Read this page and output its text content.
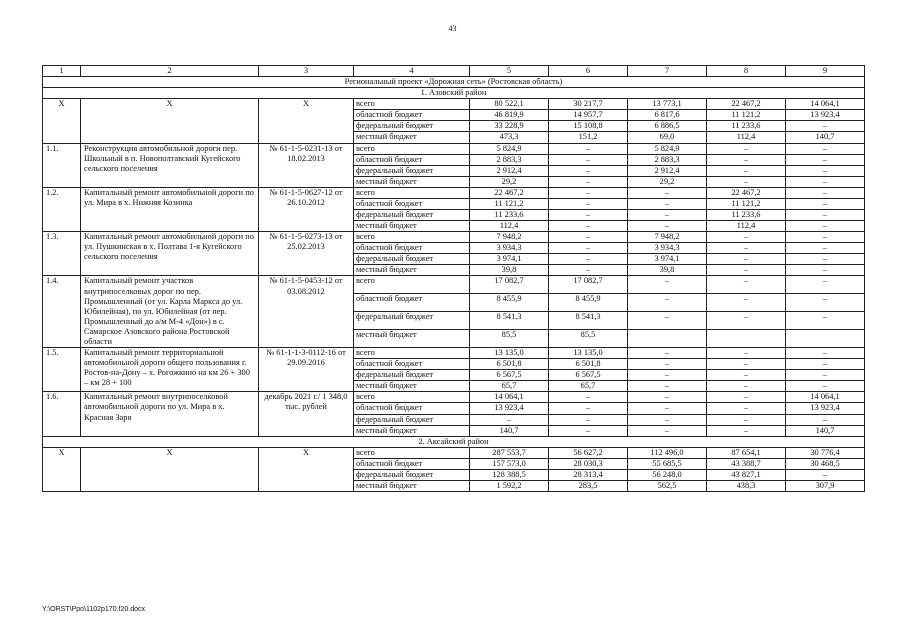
43
1	2	3	4	5	6	7	8	9
Региональный проект «Дорожная сеть» (Ростовская область)								
1. Азовский район								
Х	Х	Х	всего	80 522,1	30 217,7	13 773,1	22 467,2	14 064,1
			областной бюджет	46 819,9	14 957,7	6 817,6	11 121,2	13 923,4
			федеральный бюджет	33 228,9	15 108,8	6 886,5	11 233,6	–
			местный бюджет	473,3	151,2	69,0	112,4	140,7
1.1.	Реконструкция автомобильной дороги пер. Школьный в п. Новополтавский Кугейского сельского поселения	№ 61-1-5-0231-13 от 18.02.2013	всего	5 824,9	–	5 824,9	–	–
			областной бюджет	2 883,3	–	2 883,3	–	–
			федеральный бюджет	2 912,4	–	2 912,4	–	–
			местный бюджет	29,2	–	29,2	–	–
1.2.	Капитальный ремонт автомобильной дороги по ул. Мира в х. Нижняя Козинка	№ 61-1-5-0627-12 от 26.10.2012	всего	22 467,2	–	–	22 467,2	–
			областной бюджет	11 121,2	–	–	11 121,2	–
			федеральный бюджет	11 233,6	–	–	11 233,6	–
			местный бюджет	112,4	–	–	112,4	–
1.3.	Капитальный ремонт автомобильной дороги по ул. Пушкинская в х. Полтава 1-я Кугейского сельского поселения	№ 61-1-5-0273-13 от 25.02.2013	всего	7 948,2	–	7 948,2	–	–
			областной бюджет	3 934,3	–	3 934,3	–	–
			федеральный бюджет	3 974,1	–	3 974,1	–	–
			местный бюджет	39,8	–	39,8	–	–
1.4.	Капитальный ремонт участков внутрипоселковых дорог по пер. Промышленный (от ул. Карла Маркса до ул. Юбилейная), по ул. Юбилейная (от пер. Промышленный до а/м М-4 «Дон») в с. Самарское Азовского района Ростовской области	№ 61-1-5-0453-12 от 03.08.2012	всего	17 082,7	17 082,7	–	–	–
			областной бюджет	8 455,9	8 455,9	–	–	–
			федеральный бюджет	8 541,3	8 541,3	–	–	–
			местный бюджет	85,5	85,5			
1.5.	Капитальный ремонт территориальной автомобильной дороги общего пользования г. Ростов-на-Дону – х. Рогожкино на км 26 + 300 – км 28 + 100	№ 61-1-1-3-0112-16 от 29.09.2016	всего	13 135,0	13 135,0	–	–	–
			областной бюджет	6 501,8	6 501,8	–	–	–
			федеральный бюджет	6 567,5	6 567,5	–	–	–
			местный бюджет	65,7	65,7	–	–	–
1.6.	Капитальный ремонт внутрипоселковой автомобильной дороги по ул. Мира в х. Красная Заря	декабрь 2021 г./ 1 348,0 тыс. рублей	всего	14 064,1	–	–	–	14 064,1
			областной бюджет	13 923,4	–	–	–	13 923,4
			федеральный бюджет	–	–	–	–	–
			местный бюджет	140,7	–	–	–	140,7
2. Аксайский район								
Х	Х	Х	всего	287 553,7	56 627,2	112 496,0	87 654,1	30 776,4
			областной бюджет	157 573,0	28 030,3	55 685,5	43 388,7	30 468,5
			федеральный бюджет	128 388,5	28 313,4	56 248,0	43 827,1	–
			местный бюджет	1 592,2	283,5	562,5	438,3	307,9
Y:\ORST\Ppo\1102p170.f20.docx
